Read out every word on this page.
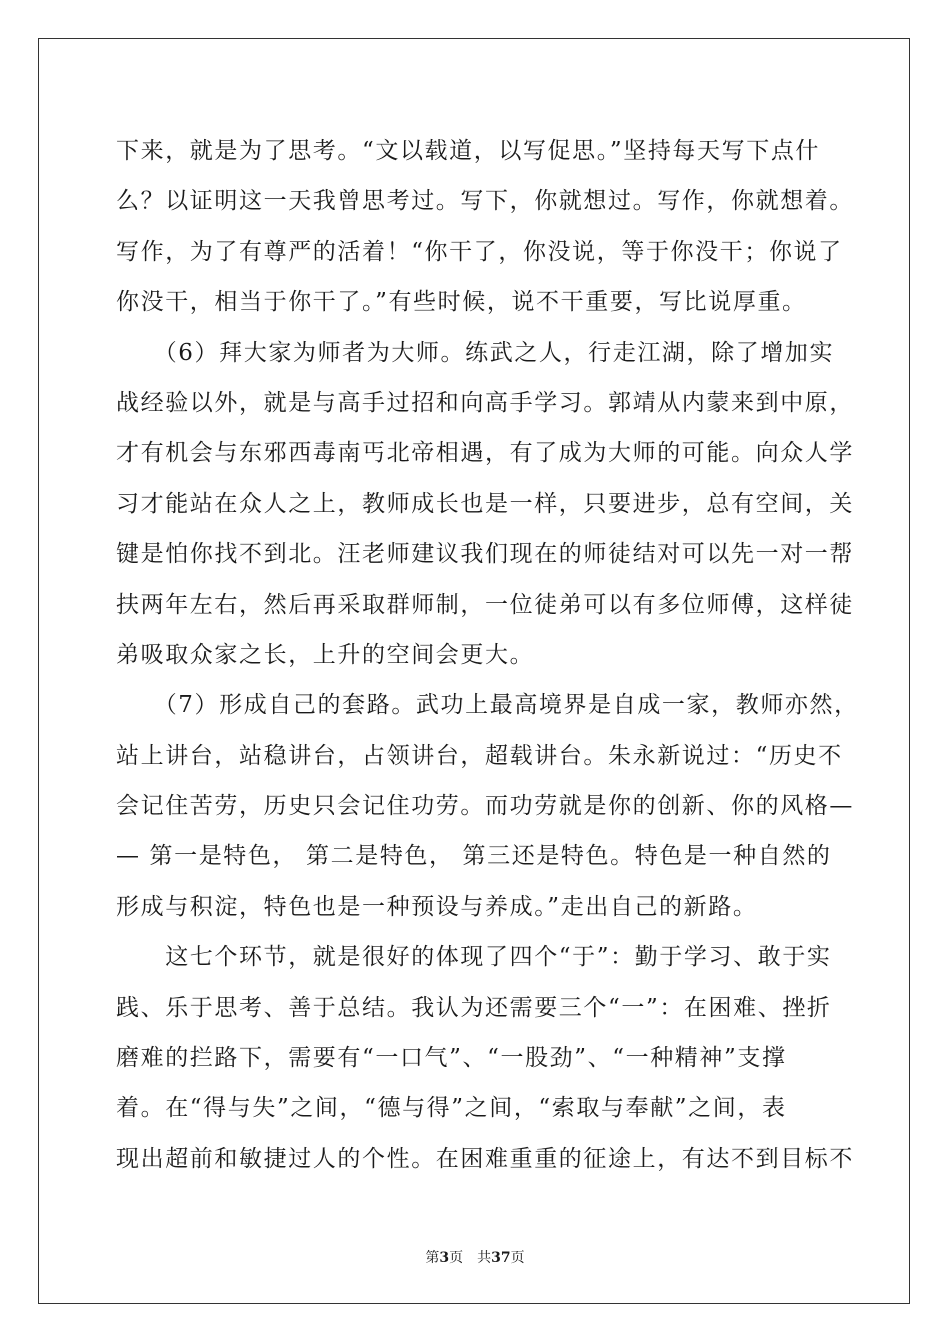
下来，就是为了思考。“文以载道，以写促思。”坚持每天写下点什
么？以证明这一天我曾思考过。写下，你就想过。写作，你就想着。
写作，为了有尊严的活着！“你干了，你没说，等于你没干；你说了
你没干，相当于你干了。”有些时候，说不干重要，写比说厚重。
　　（6）拜大家为师者为大师。练武之人，行走江湖，除了增加实
战经验以外，就是与高手过招和向高手学习。郭靖从内蒙来到中原，
才有机会与东邪西毒南丐北帝相遇，有了成为大师的可能。向众人学
习才能站在众人之上，教师成长也是一样，只要进步，总有空间，关
键是怕你找不到北。汪老师建议我们现在的师徒结对可以先一对一帮
扶两年左右，然后再采取群师制，一位徒弟可以有多位师傅，这样徒
弟吸取众家之长，上升的空间会更大。
　　（7）形成自己的套路。武功上最高境界是自成一家，教师亦然，
站上讲台，站稳讲台，占领讲台，超载讲台。朱永新说过：“历史不
会记住苦劳，历史只会记住功劳。而功劳就是你的创新、你的风格—
— 第一是特色， 第二是特色， 第三还是特色。特色是一种自然的
形成与积淀，特色也是一种预设与养成。”走出自己的新路。
　　这七个环节，就是很好的体现了四个“于”：勤于学习、敢于实
践、乐于思考、善于总结。我认为还需要三个“一”：在困难、挫折
磨难的拦路下，需要有“一口气”、“一股劲”、“一种精神”支撑
着。在“得与失”之间，“德与得”之间，“索取与奉献”之间，表
现出超前和敏捷过人的个性。在困难重重的征途上，有达不到目标不
第3页　共37页
